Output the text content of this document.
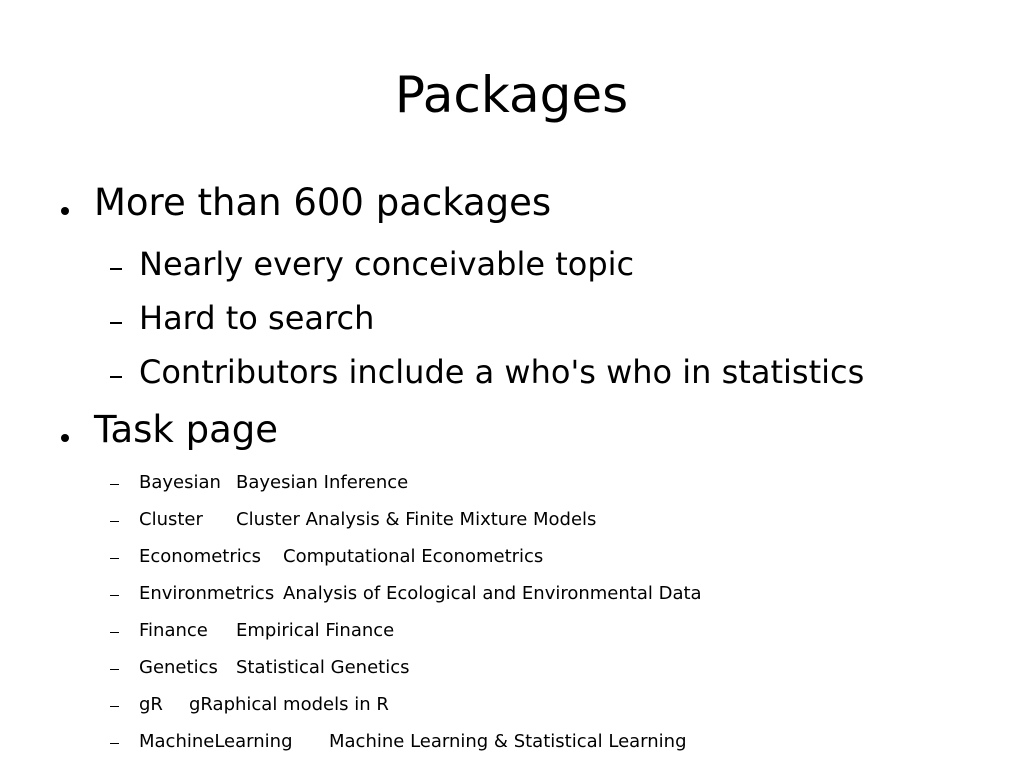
Packages
More than 600 packages
Nearly every conceivable topic
Hard to search
Contributors include a who's who in statistics
Task page
Bayesian Bayesian Inference
Cluster Cluster Analysis & Finite Mixture Models
Econometrics Computational Econometrics
Environmetrics Analysis of Ecological and Environmental Data
Finance Empirical Finance
Genetics Statistical Genetics
gR gRaphical models in R
MachineLearning Machine Learning & Statistical Learning
